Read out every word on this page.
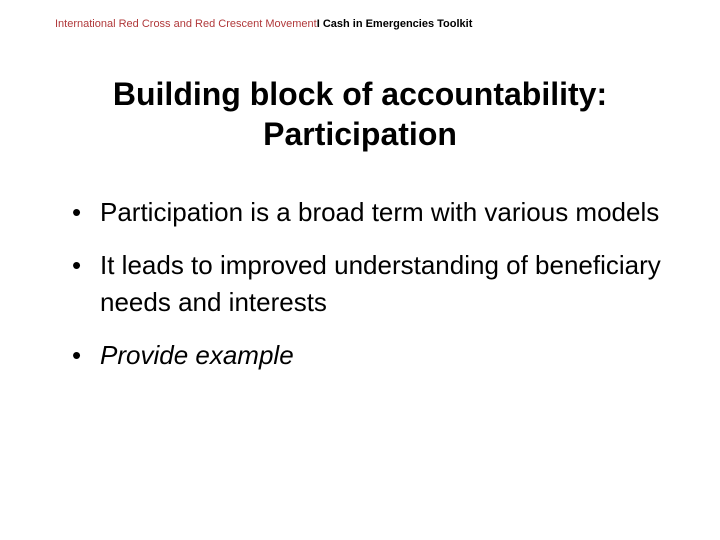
International Red Cross and Red Crescent MovementI Cash in Emergencies Toolkit
Building block of accountability:
Participation
• Participation is a broad term with various models
• It leads to improved understanding of beneficiary needs and interests
• Provide example
